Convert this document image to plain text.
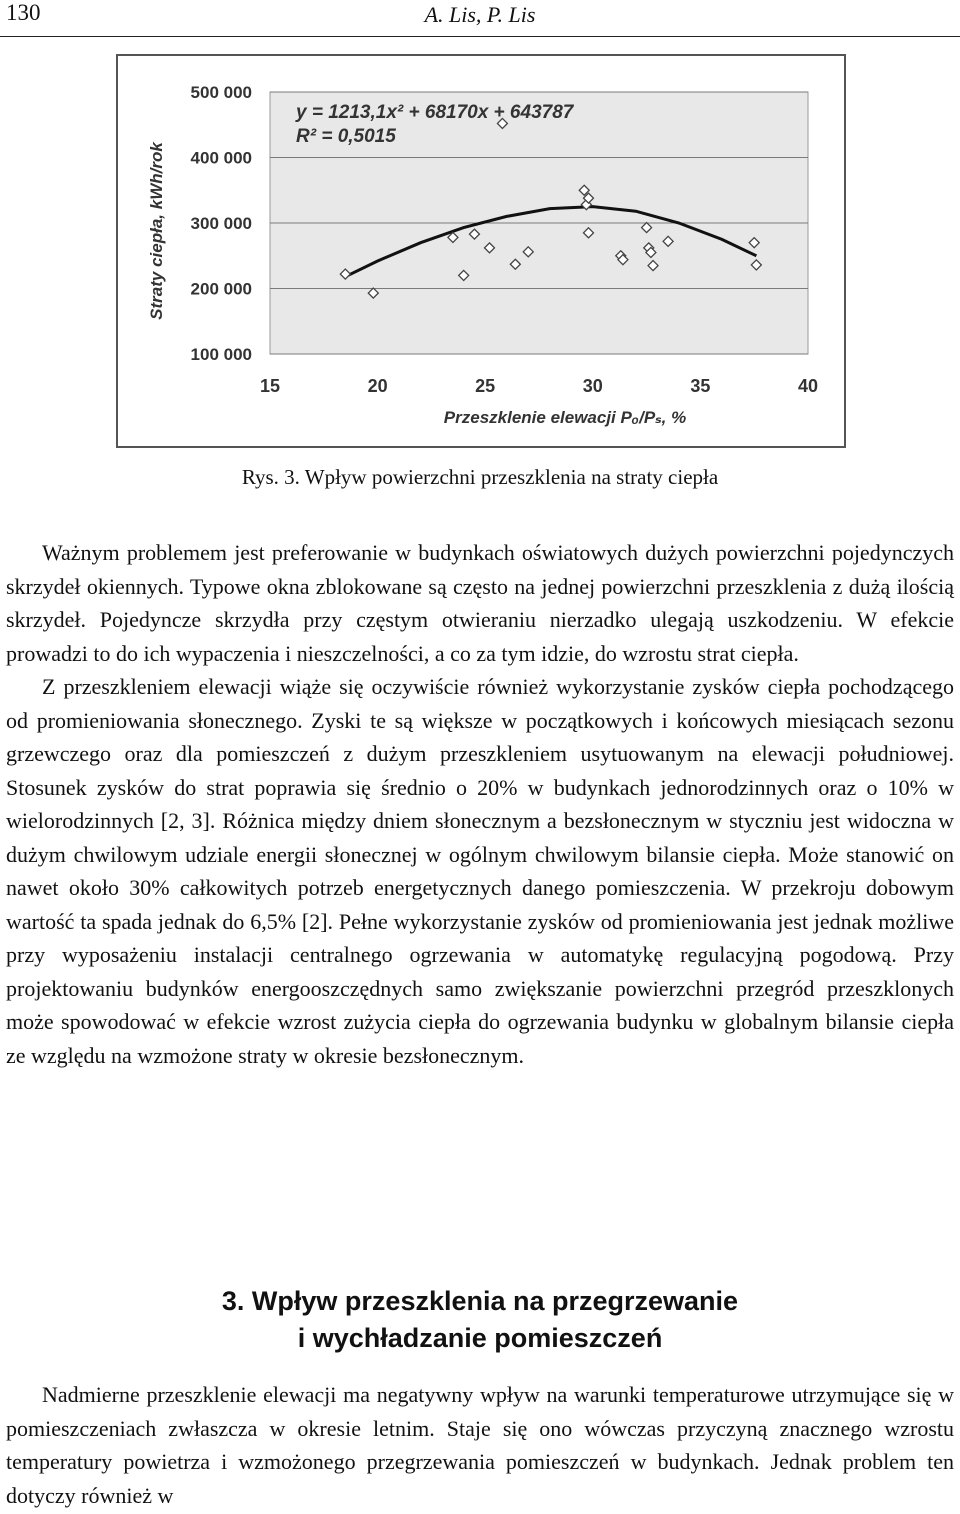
130	A. Lis, P. Lis
100 000
200 000
300 000
400 000
500 000
15	20	25	30	35	40
Przeszklenie elewacji Pₒ/Pₛ, %
Straty ciepła, kWh/rok
y = 1213,1x² + 68170x + 643787
R² = 0,5015
Rys. 3. Wpływ powierzchni przeszklenia na straty ciepła

Ważnym problemem jest preferowanie w budynkach oświatowych dużych powierzchni pojedynczych skrzydeł okiennych. Typowe okna zblokowane są często na jednej powierzchni przeszklenia z dużą ilością skrzydeł. Pojedyncze skrzydła przy częstym otwieraniu nierzadko ulegają uszkodzeniu. W efekcie prowadzi to do ich wypaczenia i nieszczelności, a co za tym idzie, do wzrostu strat ciepła.

Z przeszkleniem elewacji wiąże się oczywiście również wykorzystanie zysków ciepła pochodzącego od promieniowania słonecznego. Zyski te są większe w początkowych i końcowych miesiącach sezonu grzewczego oraz dla pomieszczeń z dużym przeszkleniem usytuowanym na elewacji południowej. Stosunek zysków do strat poprawia się średnio o 20% w budynkach jednorodzinnych oraz o 10% w wielorodzinnych [2, 3]. Różnica między dniem słonecznym a bezsłonecznym w styczniu jest widoczna w dużym chwilowym udziale energii słonecznej w ogólnym chwilowym bilansie ciepła. Może stanowić on nawet około 30% całkowitych potrzeb energetycznych danego pomieszczenia. W przekroju dobowym wartość ta spada jednak do 6,5% [2]. Pełne wykorzystanie zysków od promieniowania jest jednak możliwe przy wyposażeniu instalacji centralnego ogrzewania w automatykę regulacyjną pogodową. Przy projektowaniu budynków energooszczędnych samo zwiększanie powierzchni przegród przeszklonych może spowodować w efekcie wzrost zużycia ciepła do ogrzewania budynku w globalnym bilansie ciepła ze względu na wzmożone straty w okresie bezsłonecznym.

3. Wpływ przeszklenia na przegrzewanie
i wychładzanie pomieszczeń

Nadmierne przeszklenie elewacji ma negatywny wpływ na warunki temperaturowe utrzymujące się w pomieszczeniach zwłaszcza w okresie letnim. Staje się ono wówczas przyczyną znacznego wzrostu temperatury powietrza i wzmożonego przegrzewania pomieszczeń w budynkach. Jednak problem ten dotyczy również w
